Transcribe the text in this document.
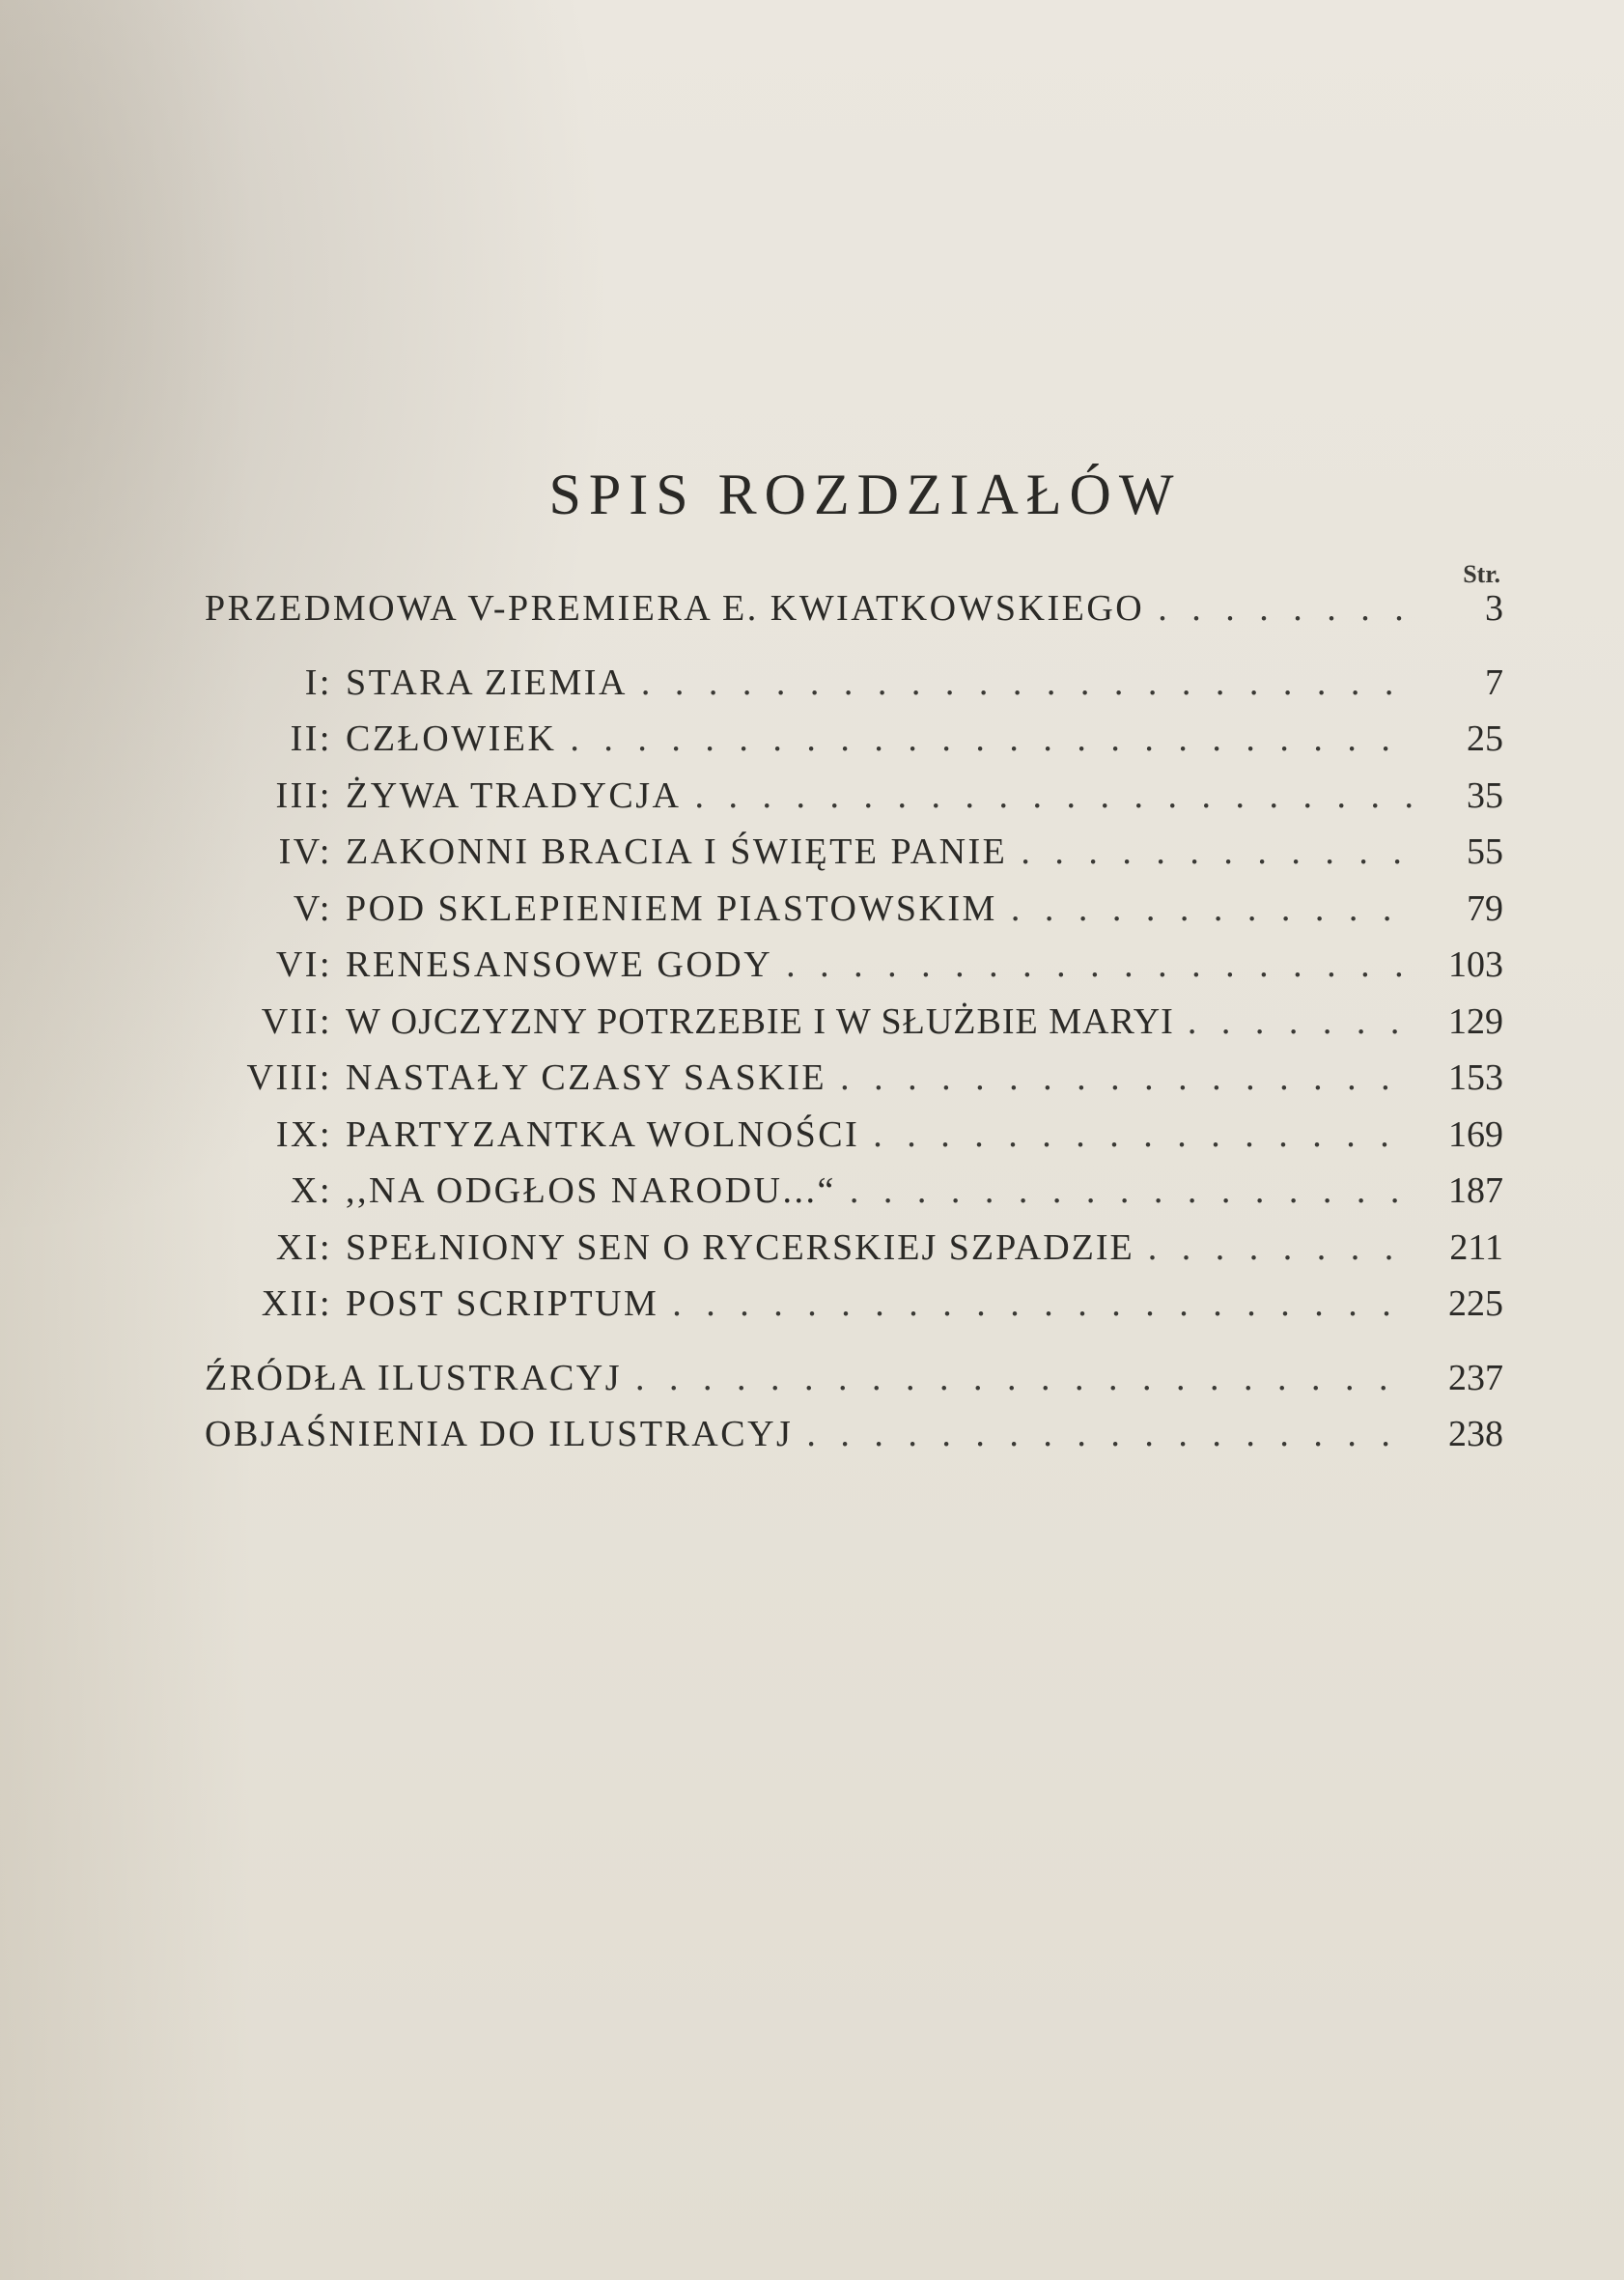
SPIS ROZDZIAŁÓW
Str.
PRZEDMOWA V-PREMIERA E. KWIATKOWSKIEGO . . .	3
I: STARA ZIEMIA . . .	7
II: CZŁOWIEK . . .	25
III: ŻYWA TRADYCJA . . .	35
IV: ZAKONNI BRACIA I ŚWIĘTE PANIE . . .	55
V: POD SKLEPIENIEM PIASTOWSKIM . . .	79
VI: RENESANSOWE GODY . . .	103
VII: W OJCZYZNY POTRZEBIE I W SŁUŻBIE MARYI . . .	129
VIII: NASTAŁY CZASY SASKIE . . .	153
IX: PARTYZANTKA WOLNOŚCI . . .	169
X: ,,NA ODGŁOS NARODU...“ . . .	187
XI: SPEŁNIONY SEN O RYCERSKIEJ SZPADZIE . . .	211
XII: POST SCRIPTUM . . .	225
ŹRÓDŁA ILUSTRACYJ . . .	237
OBJAŚNIENIA DO ILUSTRACYJ . . .	238
